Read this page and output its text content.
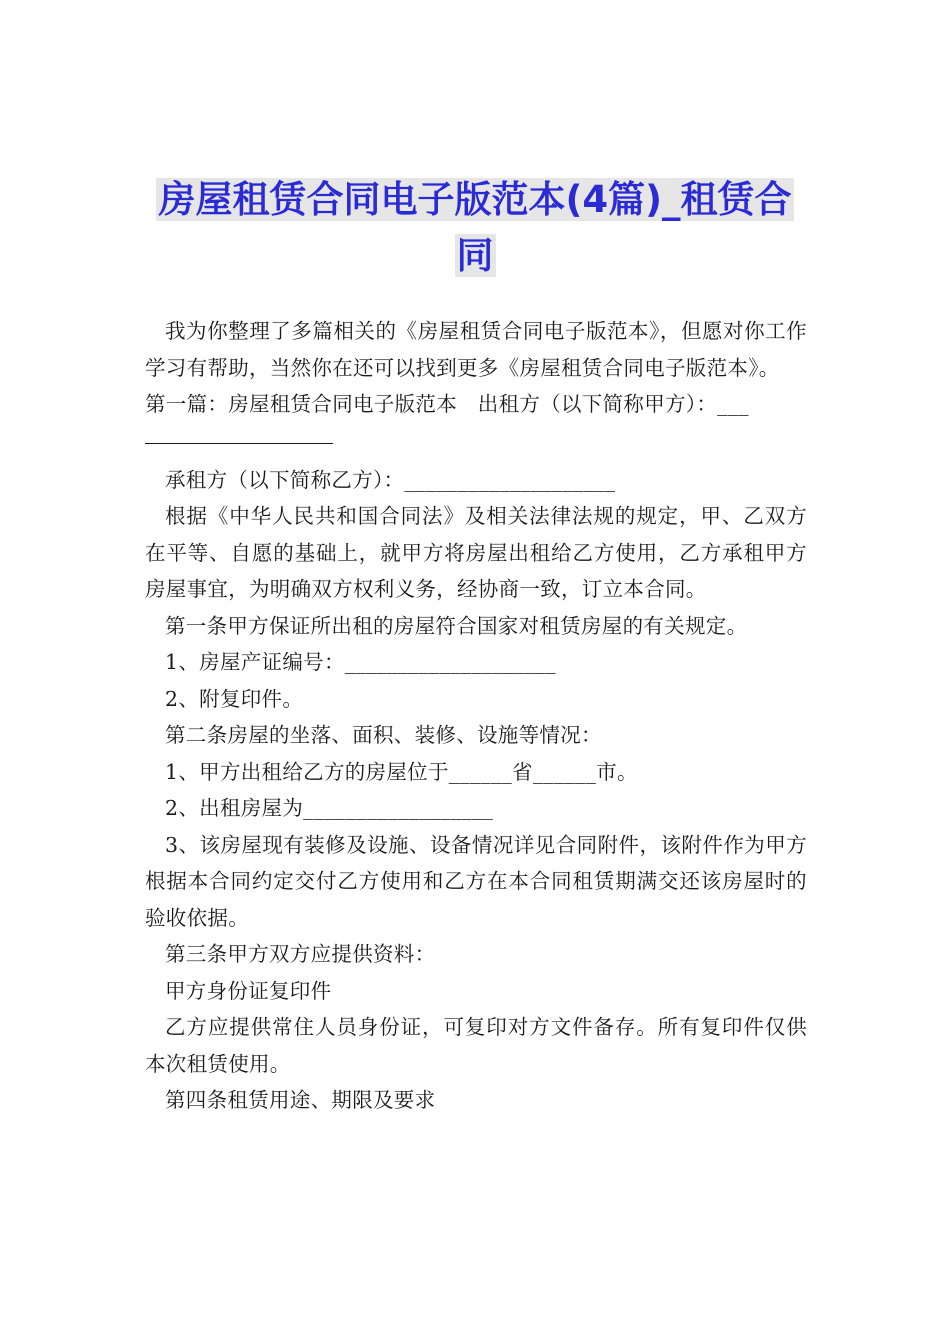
房屋租赁合同电子版范本(4篇)_租赁合
同

我为你整理了多篇相关的《房屋租赁合同电子版范本》，但愿对你工作学习有帮助，当然你在还可以找到更多《房屋租赁合同电子版范本》。

第一篇：房屋租赁合同电子版范本　出租方（以下简称甲方）：___

承租方（以下简称乙方）：____________________

根据《中华人民共和国合同法》及相关法律法规的规定，甲、乙双方在平等、自愿的基础上，就甲方将房屋出租给乙方使用，乙方承租甲方房屋事宜，为明确双方权利义务，经协商一致，订立本合同。

第一条甲方保证所出租的房屋符合国家对租赁房屋的有关规定。

1、房屋产证编号：____________________

2、附复印件。

第二条房屋的坐落、面积、装修、设施等情况：

1、甲方出租给乙方的房屋位于______省______市。

2、出租房屋为__________________

3、该房屋现有装修及设施、设备情况详见合同附件，该附件作为甲方根据本合同约定交付乙方使用和乙方在本合同租赁期满交还该房屋时的验收依据。

第三条甲方双方应提供资料：

甲方身份证复印件

乙方应提供常住人员身份证，可复印对方文件备存。所有复印件仅供本次租赁使用。

第四条租赁用途、期限及要求
